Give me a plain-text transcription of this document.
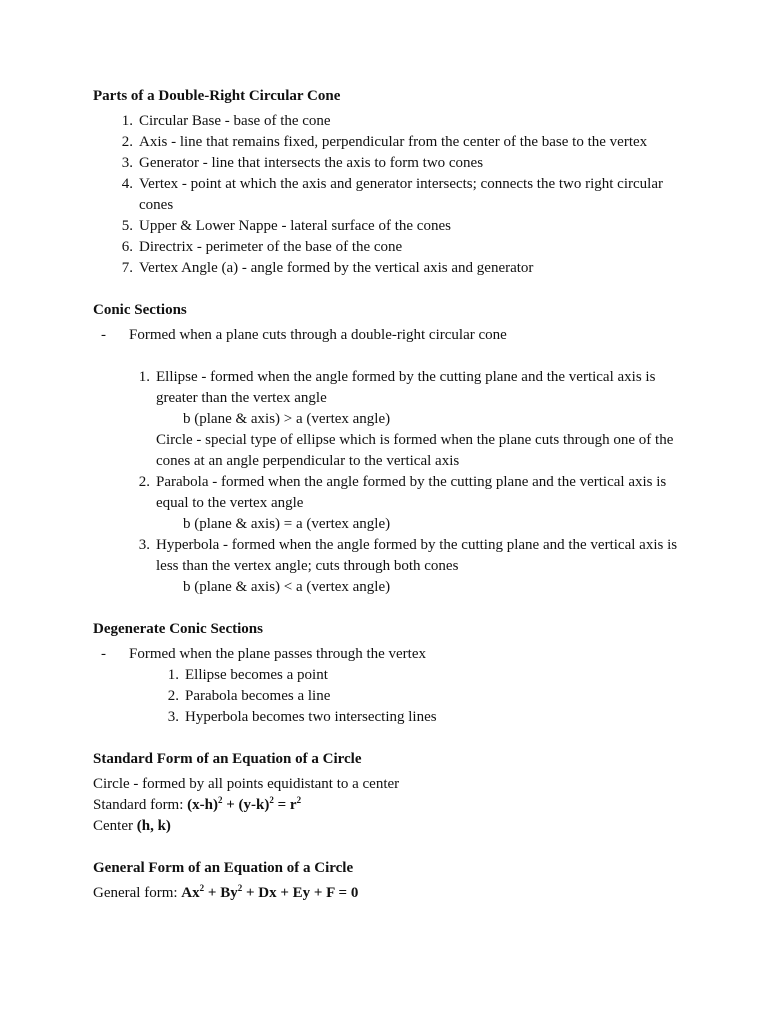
Parts of a Double-Right Circular Cone
1. Circular Base - base of the cone
2. Axis - line that remains fixed, perpendicular from the center of the base to the vertex
3. Generator - line that intersects the axis to form two cones
4. Vertex - point at which the axis and generator intersects; connects the two right circular cones
5. Upper & Lower Nappe - lateral surface of the cones
6. Directrix - perimeter of the base of the cone
7. Vertex Angle (a) - angle formed by the vertical axis and generator
Conic Sections
- Formed when a plane cuts through a double-right circular cone
1. Ellipse - formed when the angle formed by the cutting plane and the vertical axis is greater than the vertex angle
b (plane & axis) > a (vertex angle)
Circle - special type of ellipse which is formed when the plane cuts through one of the cones at an angle perpendicular to the vertical axis
2. Parabola - formed when the angle formed by the cutting plane and the vertical axis is equal to the vertex angle
b (plane & axis) = a (vertex angle)
3. Hyperbola - formed when the angle formed by the cutting plane and the vertical axis is less than the vertex angle; cuts through both cones
b (plane & axis) < a (vertex angle)
Degenerate Conic Sections
- Formed when the plane passes through the vertex
1. Ellipse becomes a point
2. Parabola becomes a line
3. Hyperbola becomes two intersecting lines
Standard Form of an Equation of a Circle
Circle - formed by all points equidistant to a center
Standard form: $(x-h)^2 + (y-k)^2 = r^2$
Center (h, k)
General Form of an Equation of a Circle
General form: $Ax^2 + By^2 + Dx + Ey + F = 0$
